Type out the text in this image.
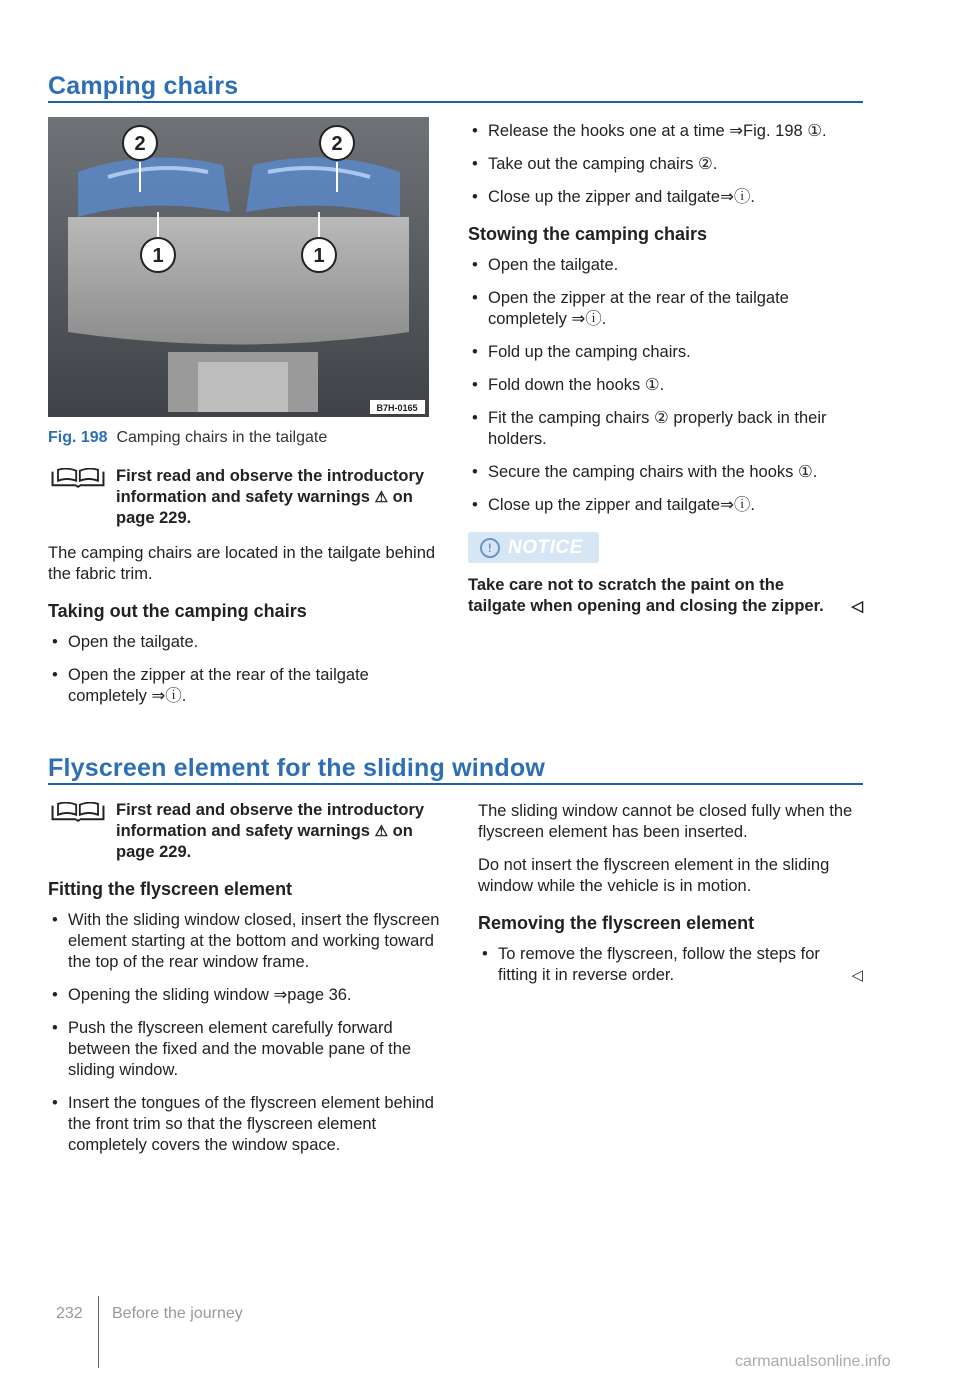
Camping chairs
2	2
1	1
B7H-0165
Fig. 198 Camping chairs in the tailgate
First read and observe the introductory information and safety warnings ⚠ on page 229.

The camping chairs are located in the tailgate behind the fabric trim.

Taking out the camping chairs
• Open the tailgate.
• Open the zipper at the rear of the tailgate completely ⇒ⓘ.
• Release the hooks one at a time ⇒Fig. 198 ①.
• Take out the camping chairs ②.
• Close up the zipper and tailgate⇒ⓘ.
Stowing the camping chairs
• Open the tailgate.
• Open the zipper at the rear of the tailgate completely ⇒ⓘ.
• Fold up the camping chairs.
• Fold down the hooks ①.
• Fit the camping chairs ② properly back in their holders.
• Secure the camping chairs with the hooks ①.
• Close up the zipper and tailgate⇒ⓘ.
! NOTICE
Take care not to scratch the paint on the tailgate when opening and closing the zipper. ◁
Flyscreen element for the sliding window
First read and observe the introductory information and safety warnings ⚠ on page 229.
Fitting the flyscreen element
• With the sliding window closed, insert the flyscreen element starting at the bottom and working toward the top of the rear window frame.
• Opening the sliding window ⇒page 36.
• Push the flyscreen element carefully forward between the fixed and the movable pane of the sliding window.
• Insert the tongues of the flyscreen element behind the front trim so that the flyscreen element completely covers the window space.

The sliding window cannot be closed fully when the flyscreen element has been inserted.

Do not insert the flyscreen element in the sliding window while the vehicle is in motion.

Removing the flyscreen element
• To remove the flyscreen, follow the steps for fitting it in reverse order.	◁
232 Before the journey
carmanualsonline.info
